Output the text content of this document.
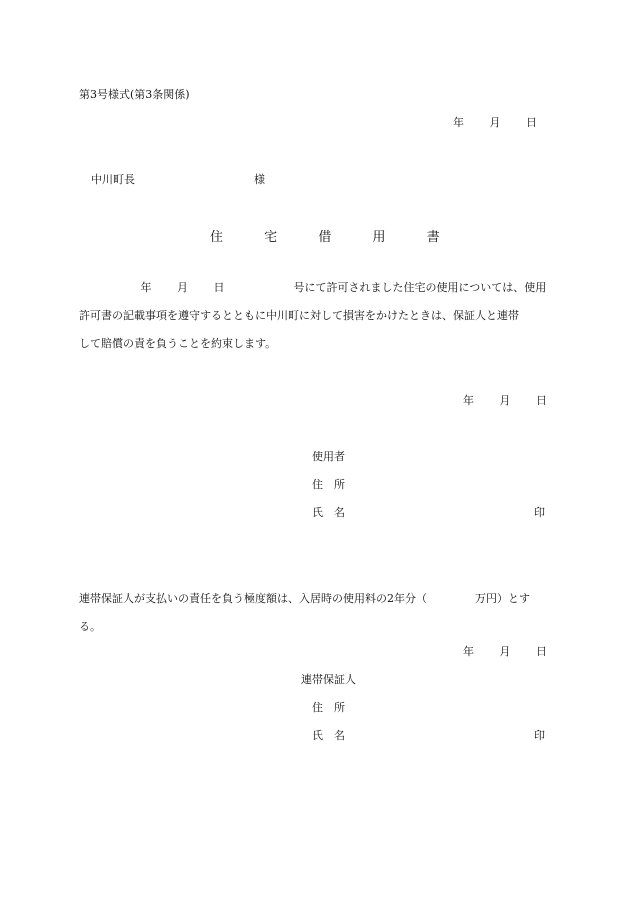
第3号様式(第3条関係)
年 月 日
中川町長	様
住	宅	借	用	書
年 月 日	号にて許可されました住宅の使用については、使用
許可書の記載事項を遵守するとともに中川町に対して損害をかけたときは、保証人と連帯
して賠償の責を負うことを約束します。
年 月 日
使用者
住　所
氏　名	印
連帯保証人が支払いの責任を負う極度額は、入居時の使用料の2年分（	万円）とす
る。
年 月 日
連帯保証人
住　所
氏　名	印
